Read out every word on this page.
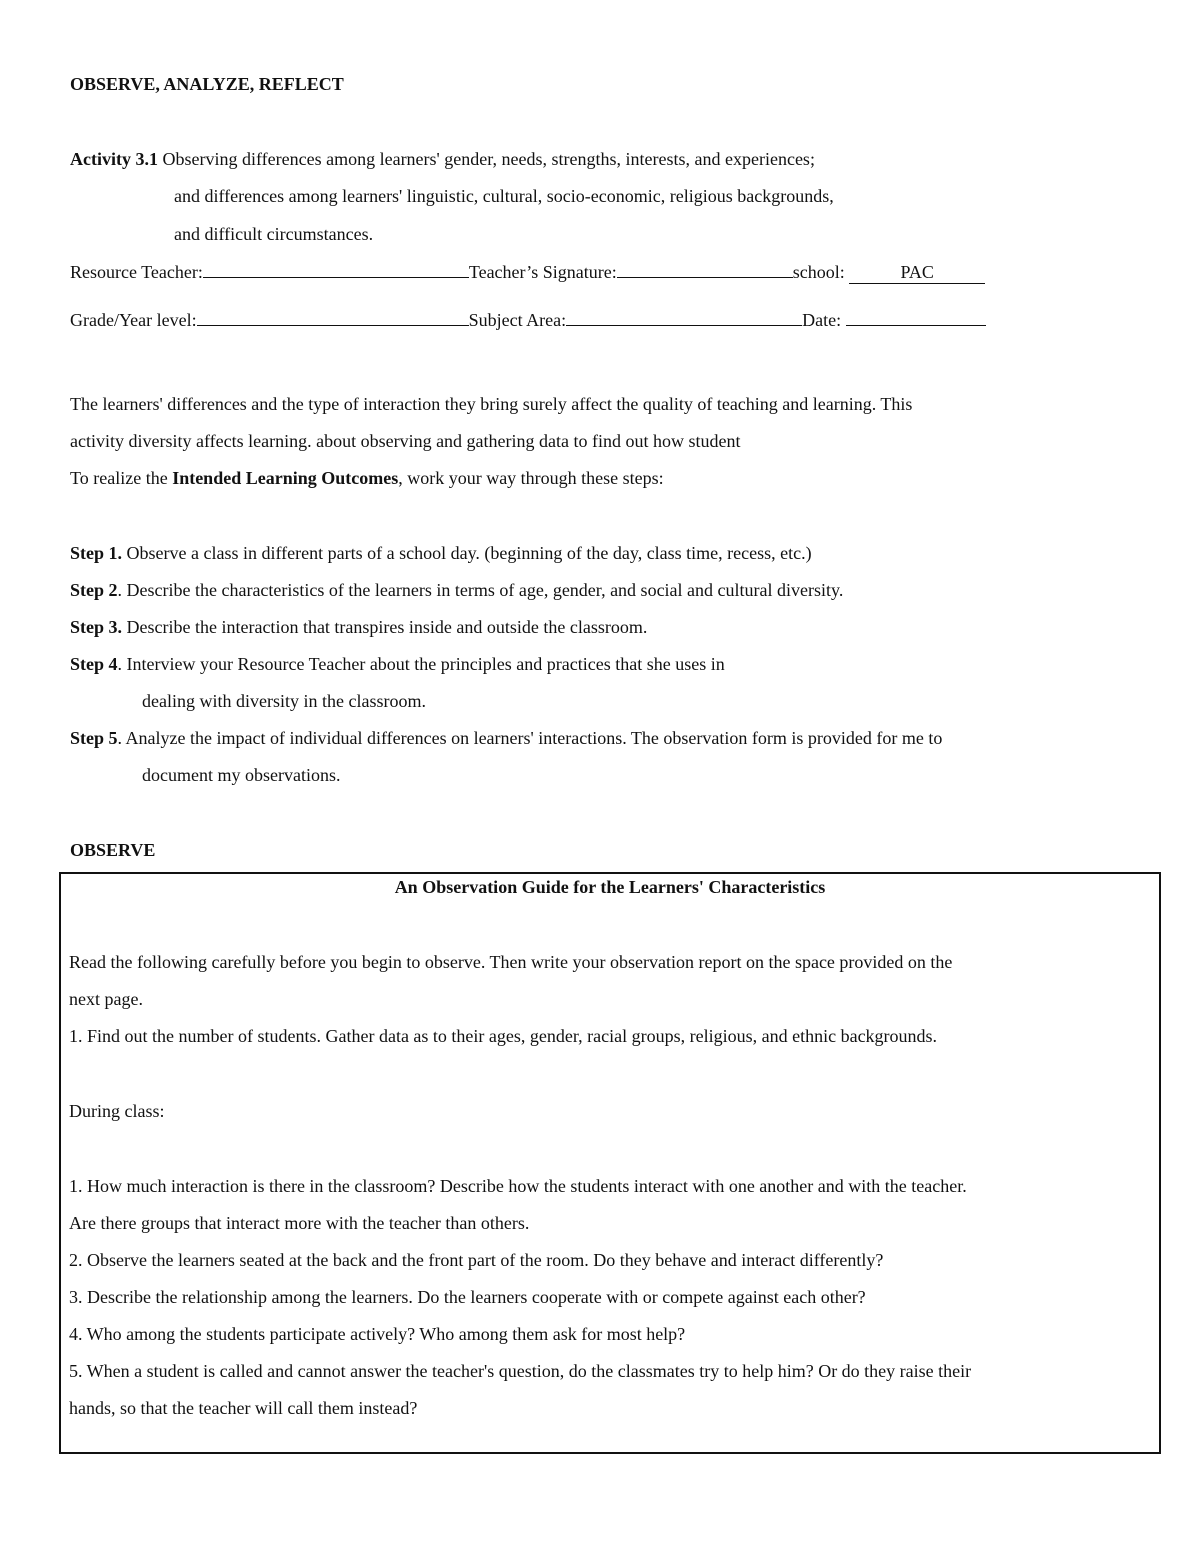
OBSERVE, ANALYZE, REFLECT
Activity 3.1 Observing differences among learners' gender, needs, strengths, interests, and experiences;
and differences among learners' linguistic, cultural, socio-economic, religious backgrounds,
and difficult circumstances.
Resource Teacher:	Teacher’s Signature:	school:	PAC
Grade/Year level:	Subject Area:	Date:
The learners' differences and the type of interaction they bring surely affect the quality of teaching and learning. This
activity diversity affects learning. about observing and gathering data to find out how student
To realize the Intended Learning Outcomes, work your way through these steps:
Step 1. Observe a class in different parts of a school day. (beginning of the day, class time, recess, etc.)
Step 2. Describe the characteristics of the learners in terms of age, gender, and social and cultural diversity.
Step 3. Describe the interaction that transpires inside and outside the classroom.
Step 4. Interview your Resource Teacher about the principles and practices that she uses in
dealing with diversity in the classroom.
Step 5. Analyze the impact of individual differences on learners' interactions. The observation form is provided for me to
document my observations.
OBSERVE
An Observation Guide for the Learners' Characteristics
Read the following carefully before you begin to observe. Then write your observation report on the space provided on the
next page.
1. Find out the number of students. Gather data as to their ages, gender, racial groups, religious, and ethnic backgrounds.
During class:
1. How much interaction is there in the classroom? Describe how the students interact with one another and with the teacher.
Are there groups that interact more with the teacher than others.
2. Observe the learners seated at the back and the front part of the room. Do they behave and interact differently?
3. Describe the relationship among the learners. Do the learners cooperate with or compete against each other?
4. Who among the students participate actively? Who among them ask for most help?
5. When a student is called and cannot answer the teacher's question, do the classmates try to help him? Or do they raise their
hands, so that the teacher will call them instead?
